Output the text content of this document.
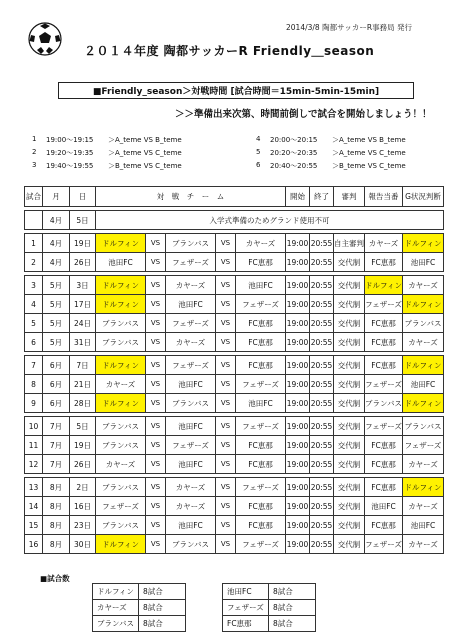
2014/3/8 陶都サッカーR事務局 発行
２０１４年度 陶都サッカーR Friendly＿season
■Friendly_season＞対戦時間 [試合時間＝15min-5min-15min]
＞＞準備出来次第、時間前倒しで試合を開始しましょう！！
1	19:00～19:15	＞A_teme VS B_teme
2	19:20～19:35	＞A_teme VS C_teme
3	19:40～19:55	＞B_teme VS C_teme
4	20:00～20:15	＞A_teme VS B_teme
5	20:20～20:35	＞A_teme VS C_teme
6	20:40～20:55	＞B_teme VS C_teme
試合	月	日	対　戦　チ　ー　ム					開始	終了	審判	報告当番	G状況判断

	4月	5日	入学式準備のためグランド使用不可									

1	4月	19日	ドルフィン	VS	ブランバス	VS	カヤーズ	19:00	20:55	自主審判	カヤーズ	ドルフィン
2	4月	26日	池田FC	VS	フェザーズ	VS	FC恵那	19:00	20:55	交代制	FC恵那	池田FC

3	5月	3日	ドルフィン	VS	カヤーズ	VS	池田FC	19:00	20:55	交代制	ドルフィン	カヤーズ
4	5月	17日	ドルフィン	VS	池田FC	VS	フェザーズ	19:00	20:55	交代制	フェザーズ	ドルフィン
5	5月	24日	ブランバス	VS	フェザーズ	VS	FC恵那	19:00	20:55	交代制	FC恵那	ブランバス
6	5月	31日	ブランバス	VS	カヤーズ	VS	FC恵那	19:00	20:55	交代制	FC恵那	カヤーズ

7	6月	7日	ドルフィン	VS	フェザーズ	VS	FC恵那	19:00	20:55	交代制	FC恵那	ドルフィン
8	6月	21日	カヤーズ	VS	池田FC	VS	フェザーズ	19:00	20:55	交代制	フェザーズ	池田FC
9	6月	28日	ドルフィン	VS	ブランバス	VS	池田FC	19:00	20:55	交代制	ブランバス	ドルフィン

10	7月	5日	ブランバス	VS	池田FC	VS	フェザーズ	19:00	20:55	交代制	フェザーズ	ブランバス
11	7月	19日	ブランバス	VS	フェザーズ	VS	FC恵那	19:00	20:55	交代制	FC恵那	フェザーズ
12	7月	26日	カヤーズ	VS	池田FC	VS	FC恵那	19:00	20:55	交代制	FC恵那	カヤーズ

13	8月	2日	ブランバス	VS	カヤーズ	VS	フェザーズ	19:00	20:55	交代制	FC恵那	ドルフィン
14	8月	16日	フェザーズ	VS	カヤーズ	VS	FC恵那	19:00	20:55	交代制	池田FC	カヤーズ
15	8月	23日	ブランバス	VS	池田FC	VS	FC恵那	19:00	20:55	交代制	FC恵那	池田FC
16	8月	30日	ドルフィン	VS	ブランバス	VS	フェザーズ	19:00	20:55	交代制	フェザーズ	カヤーズ
■試合数
ドルフィン	8試合		池田FC	8試合
カヤーズ	8試合		フェザーズ	8試合
ブランバス	8試合		FC恵那	8試合
